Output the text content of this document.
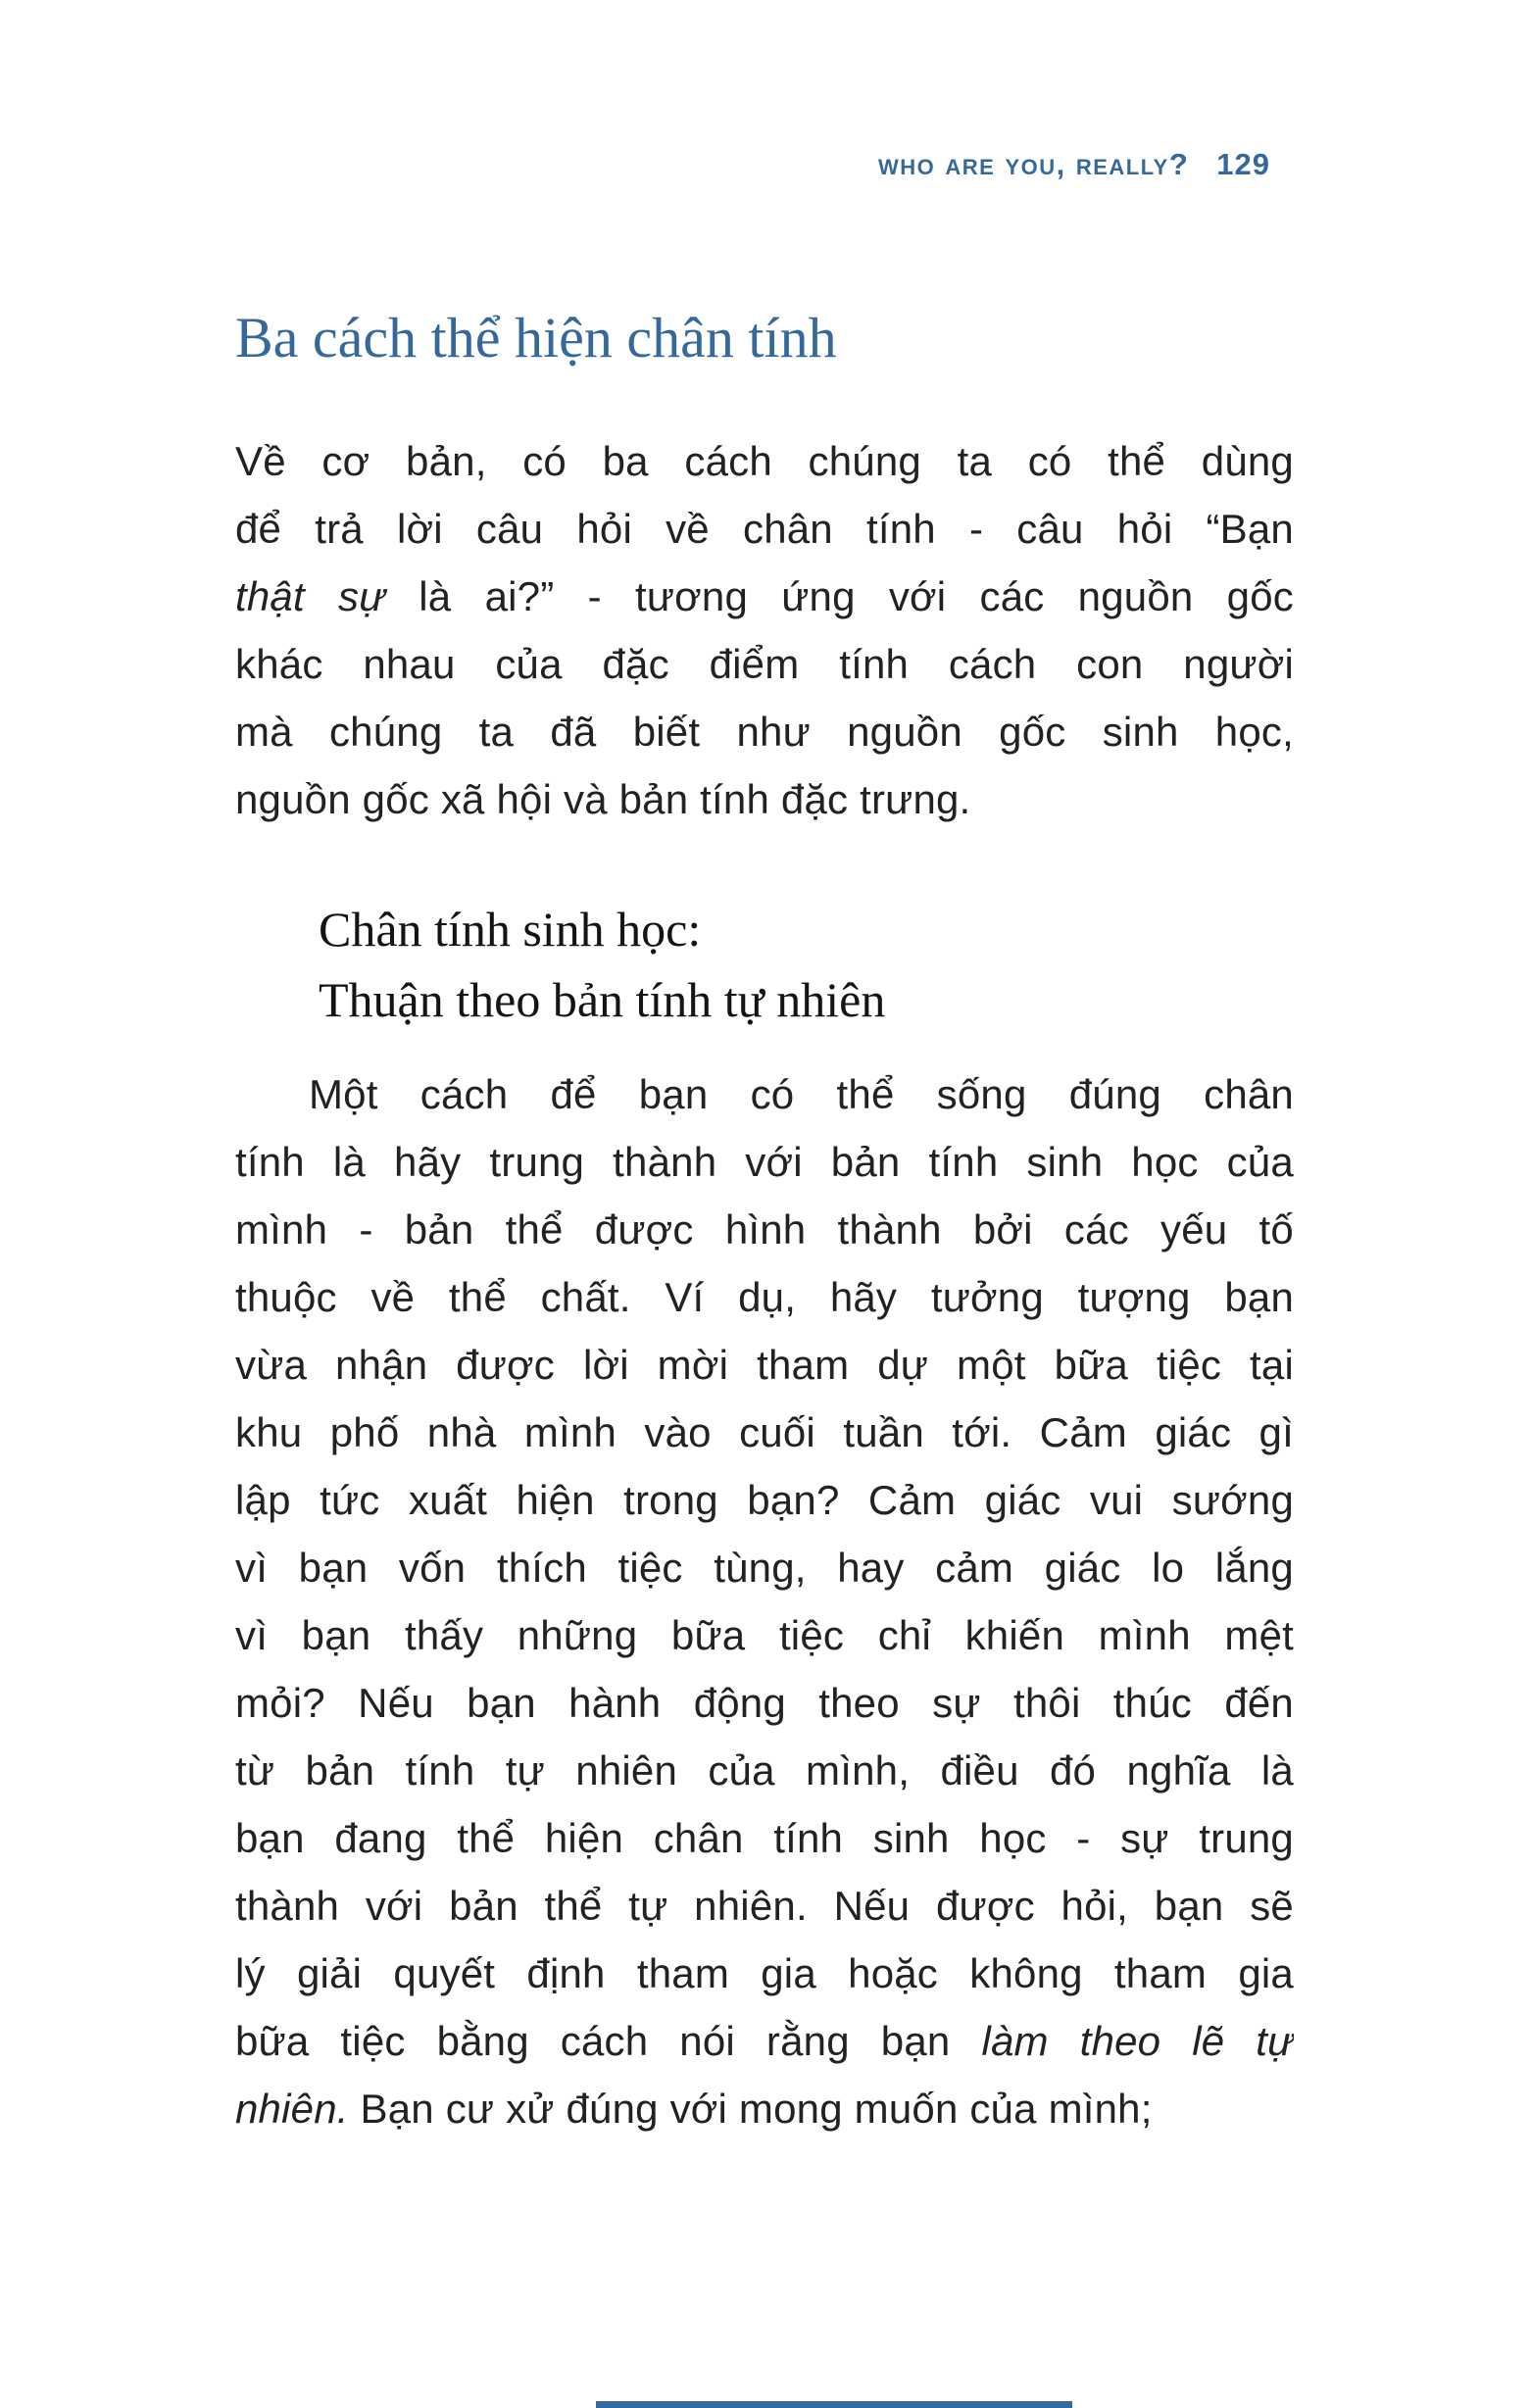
who are you, really? 129
Ba cách thể hiện chân tính
Về cơ bản, có ba cách chúng ta có thể dùng
để trả lời câu hỏi về chân tính - câu hỏi “Bạn
thật sự là ai?” - tương ứng với các nguồn gốc
khác nhau của đặc điểm tính cách con người
mà chúng ta đã biết như nguồn gốc sinh học,
nguồn gốc xã hội và bản tính đặc trưng.
Chân tính sinh học:
Thuận theo bản tính tự nhiên
Một cách để bạn có thể sống đúng chân
tính là hãy trung thành với bản tính sinh học của
mình - bản thể được hình thành bởi các yếu tố
thuộc về thể chất. Ví dụ, hãy tưởng tượng bạn
vừa nhận được lời mời tham dự một bữa tiệc tại
khu phố nhà mình vào cuối tuần tới. Cảm giác gì
lập tức xuất hiện trong bạn? Cảm giác vui sướng
vì bạn vốn thích tiệc tùng, hay cảm giác lo lắng
vì bạn thấy những bữa tiệc chỉ khiến mình mệt
mỏi? Nếu bạn hành động theo sự thôi thúc đến
từ bản tính tự nhiên của mình, điều đó nghĩa là
bạn đang thể hiện chân tính sinh học - sự trung
thành với bản thể tự nhiên. Nếu được hỏi, bạn sẽ
lý giải quyết định tham gia hoặc không tham gia
bữa tiệc bằng cách nói rằng bạn làm theo lẽ tự
nhiên. Bạn cư xử đúng với mong muốn của mình;
